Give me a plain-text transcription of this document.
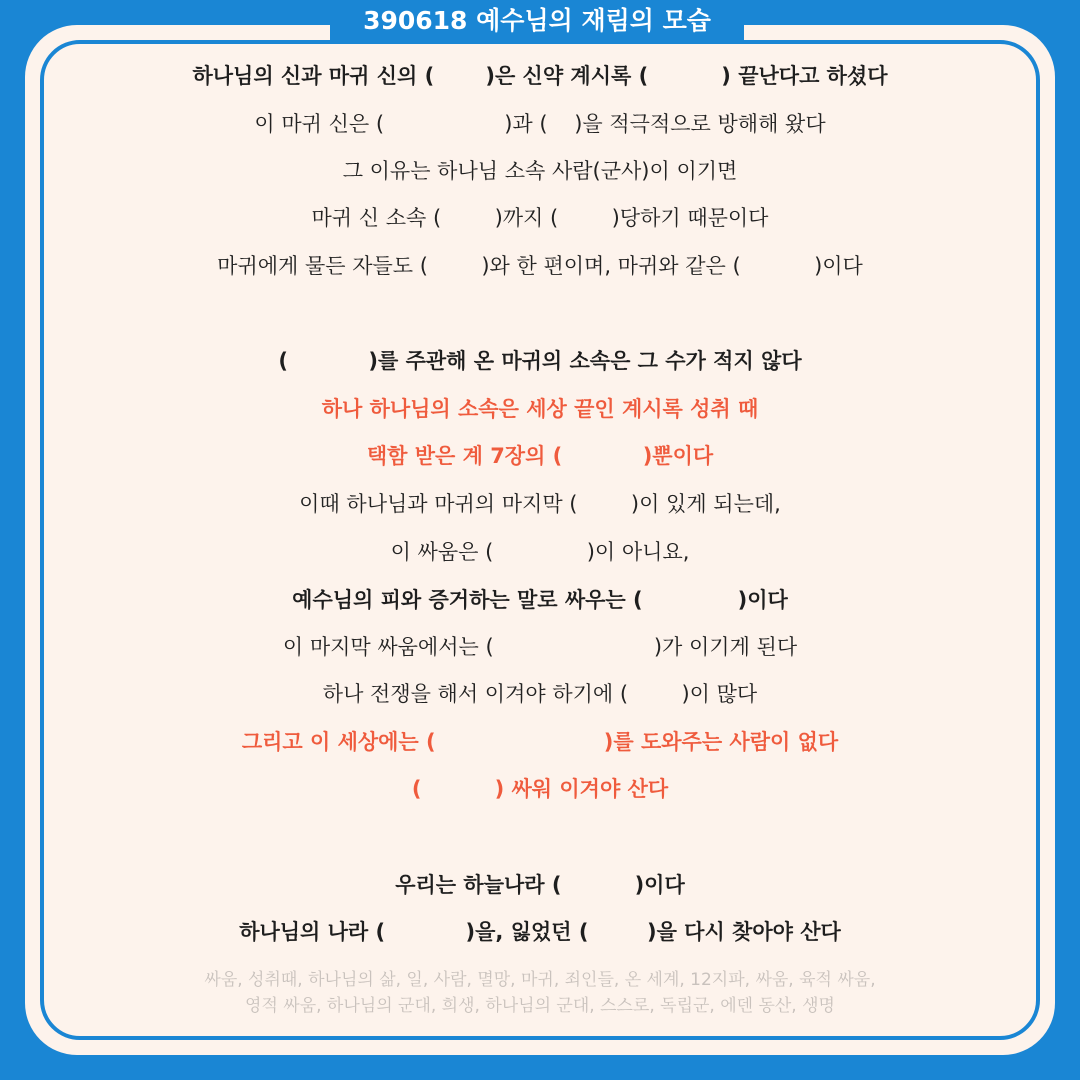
390618 예수님의 재림의 모습
하나님의 신과 마귀 신의 (       )은 신약 계시록 (          ) 끝난다고 하셨다
이 마귀 신은 (                  )과 (    )을 적극적으로 방해해 왔다
그 이유는 하나님 소속 사람(군사)이 이기면
마귀 신 소속 (        )까지 (        )당하기 때문이다
마귀에게 물든 자들도 (        )와 한 편이며, 마귀와 같은 (           )이다
(           )를 주관해 온 마귀의 소속은 그 수가 적지 않다
하나 하나님의 소속은 세상 끝인 계시록 성취 때
택함 받은 계 7장의 (           )뿐이다
이때 하나님과 마귀의 마지막 (        )이 있게 되는데,
이 싸움은 (              )이 아니요,
예수님의 피와 증거하는 말로 싸우는 (             )이다
이 마지막 싸움에서는 (                        )가 이기게 된다
하나 전쟁을 해서 이겨야 하기에 (        )이 많다
그리고 이 세상에는 (                       )를 도와주는 사람이 없다
(          ) 싸워 이겨야 산다
우리는 하늘나라 (          )이다
하나님의 나라 (           )을, 잃었던 (        )을 다시 찾아야 산다
싸움, 성취때, 하나님의 삶, 일, 사람, 멸망, 마귀, 죄인들, 온 세계, 12지파, 싸움, 육적 싸움,
영적 싸움, 하나님의 군대, 희생, 하나님의 군대, 스스로, 독립군, 에덴 동산, 생명
